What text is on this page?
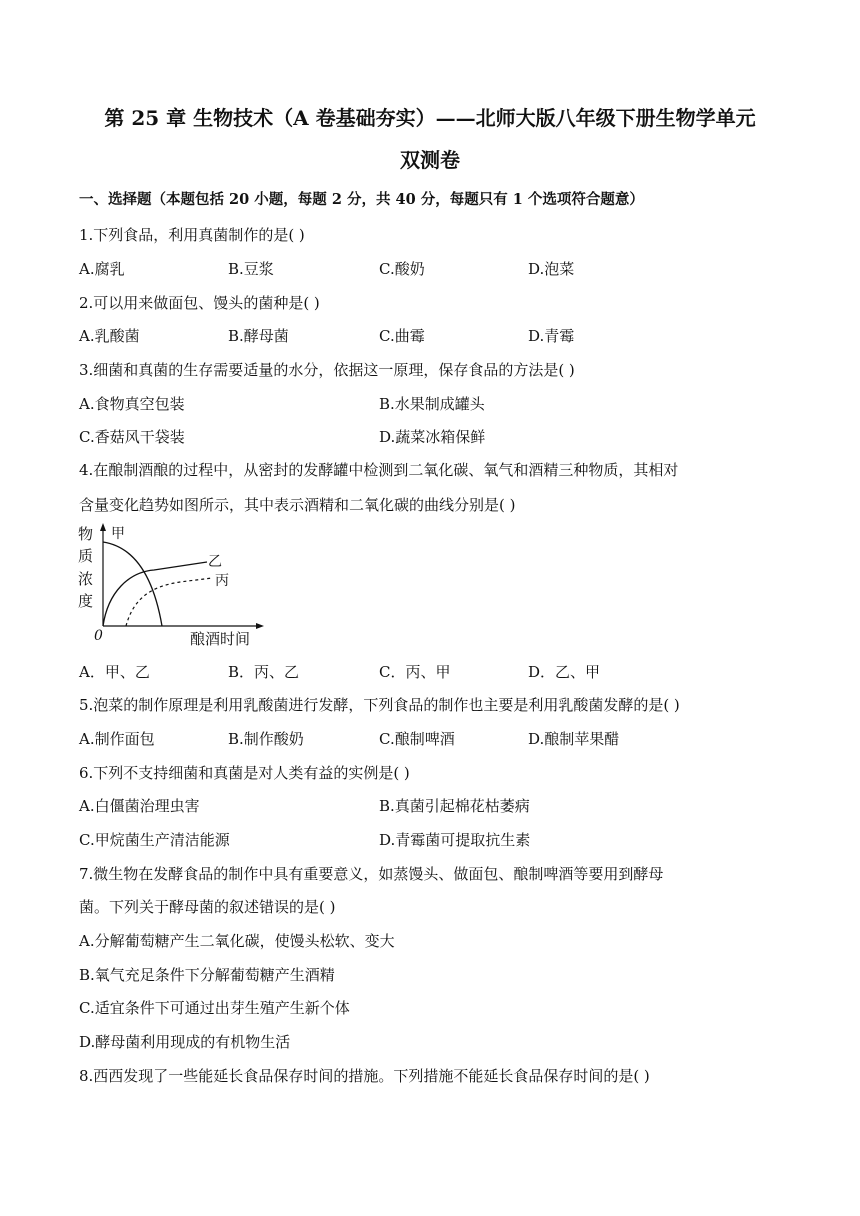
第 25 章 生物技术（A 卷基础夯实）——北师大版八年级下册生物学单元
双测卷
一、选择题（本题包括 20 小题，每题 2 分，共 40 分，每题只有 1 个选项符合题意）
1.下列食品，利用真菌制作的是( )
A.腐乳	B.豆浆	C.酸奶	D.泡菜
2.可以用来做面包、馒头的菌种是( )
A.乳酸菌	B.酵母菌	C.曲霉	D.青霉
3.细菌和真菌的生存需要适量的水分，依据这一原理，保存食品的方法是( )
A.食物真空包装	B.水果制成罐头
C.香菇风干袋装	D.蔬菜冰箱保鲜
4.在酿制酒酿的过程中，从密封的发酵罐中检测到二氧化碳、氧气和酒精三种物质，其相对
含量变化趋势如图所示，其中表示酒精和二氧化碳的曲线分别是( )
物
质
浓
度
0	酿酒时间
甲
乙
丙
A．甲、乙	B．丙、乙	C．丙、甲	D．乙、甲
5.泡菜的制作原理是利用乳酸菌进行发酵，下列食品的制作也主要是利用乳酸菌发酵的是( )
A.制作面包	B.制作酸奶	C.酿制啤酒	D.酿制苹果醋
6.下列不支持细菌和真菌是对人类有益的实例是( )
A.白僵菌治理虫害	B.真菌引起棉花枯萎病
C.甲烷菌生产清洁能源	D.青霉菌可提取抗生素
7.微生物在发酵食品的制作中具有重要意义，如蒸馒头、做面包、酿制啤酒等要用到酵母
菌。下列关于酵母菌的叙述错误的是( )
A.分解葡萄糖产生二氧化碳，使馒头松软、变大
B.氧气充足条件下分解葡萄糖产生酒精
C.适宜条件下可通过出芽生殖产生新个体
D.酵母菌利用现成的有机物生活
8.西西发现了一些能延长食品保存时间的措施。下列措施不能延长食品保存时间的是( )
